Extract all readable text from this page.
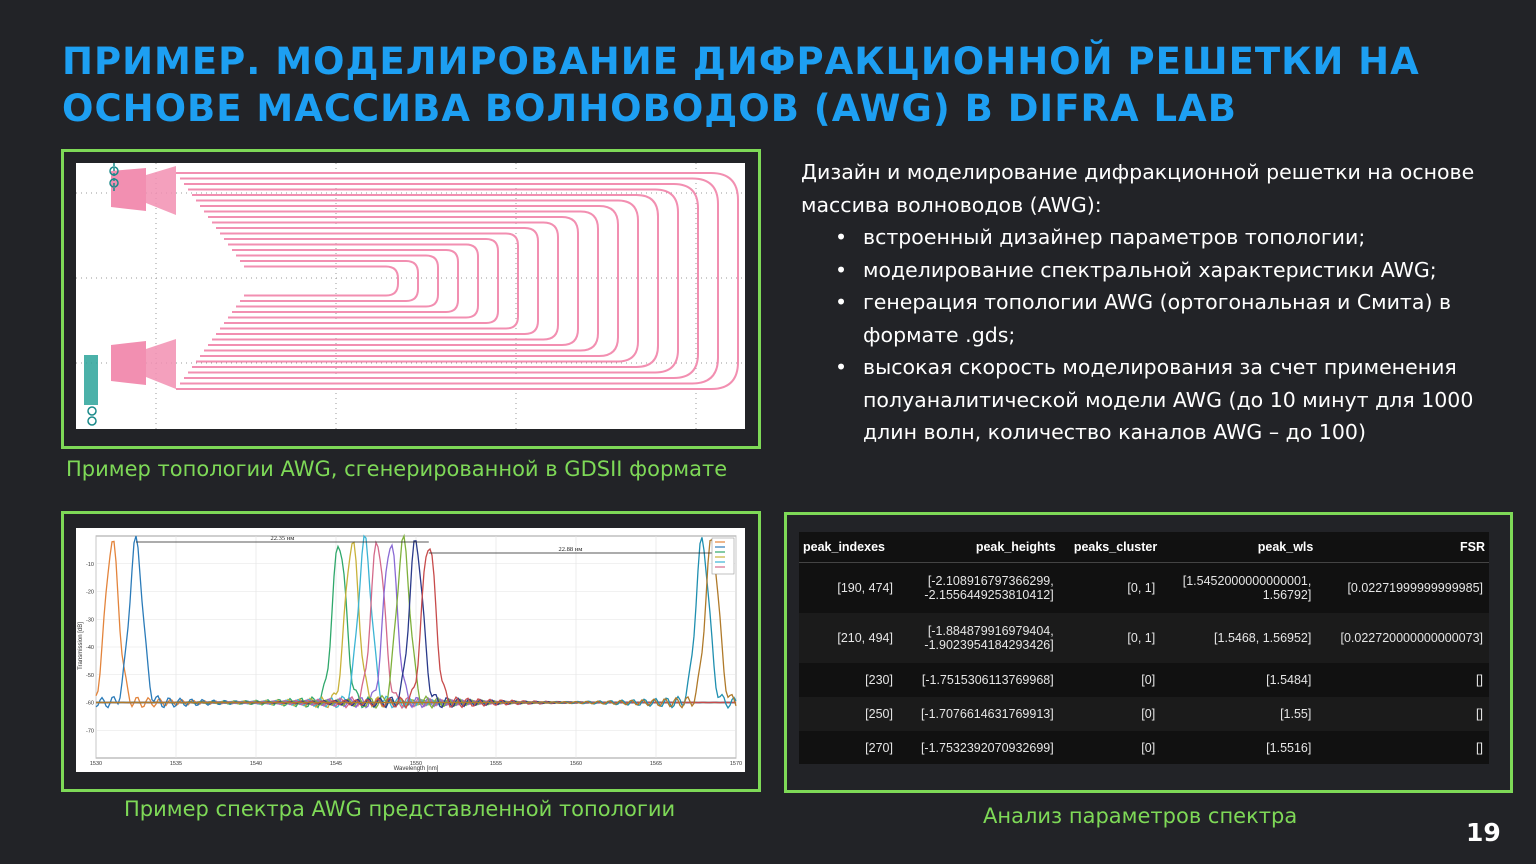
ПРИМЕР. МОДЕЛИРОВАНИЕ ДИФРАКЦИОННОЙ РЕШЕТКИ НА
ОСНОВЕ МАССИВА ВОЛНОВОДОВ (AWG) В DIFRA LAB
Пример топологии AWG, сгенерированной в GDSII формате
Дизайн и моделирование дифракционной решетки на основе массива волноводов (AWG):
• встроенный дизайнер параметров топологии;
• моделирование спектральной характеристики AWG;
• генерация топологии AWG (ортогональная и Смита) в формате .gds;
• высокая скорость моделирования за счет применения полуаналитической модели AWG (до 10 минут для 1000 длин волн, количество каналов AWG – до 100)
1530	1535	1540	1545	1550	1555	1560	1565	1570
-10
-20
-30
-40
-50
-60
-70
22.35 нм
22.88 нм
Wavelength [nm]
Transmission [dB]
Пример спектра AWG представленной топологии
peak_indexes	peak_heights	peaks_cluster	peak_wls	FSR
[190, 474]	[-2.108916797366299,
-2.1556449253810412]	[0, 1]	[1.5452000000000001,
1.56792]	[0.02271999999999985]
[210, 494]	[-1.884879916979404,
-1.9023954184293426]	[0, 1]	[1.5468, 1.56952]	[0.022720000000000073]
[230]	[-1.7515306113769968]	[0]	[1.5484]	[]
[250]	[-1.7076614631769913]	[0]	[1.55]	[]
[270]	[-1.7532392070932699]	[0]	[1.5516]	[]
Анализ параметров спектра
19
